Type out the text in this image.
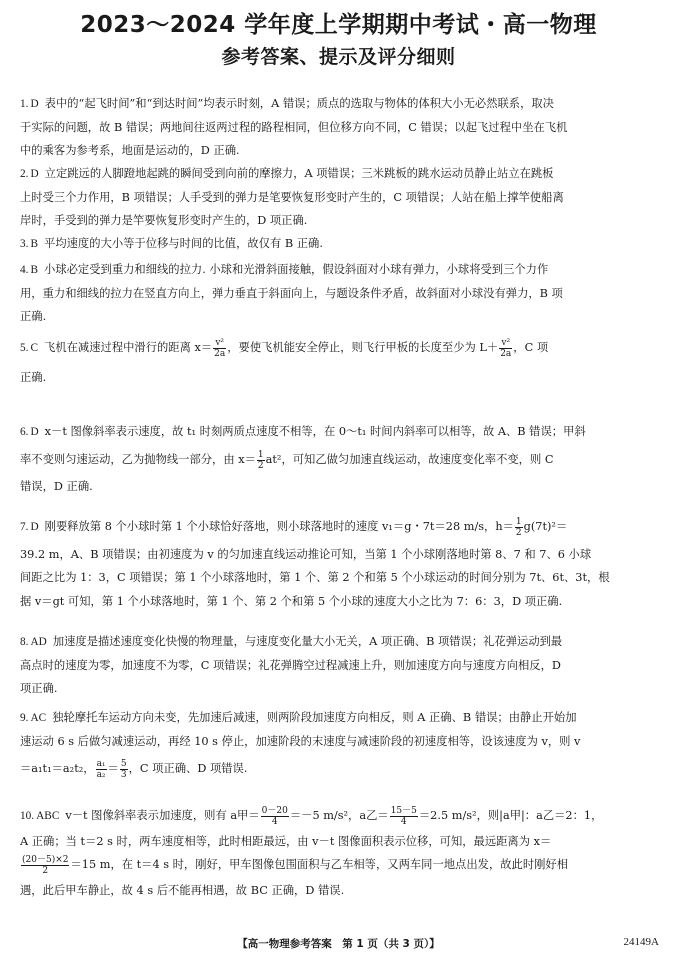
2023～2024 学年度上学期期中考试・高一物理
参考答案、提示及评分细则
1. D 表中的“起飞时间”和“到达时间”均表示时刻，A 错误；质点的选取与物体的体积大小无必然联系，取决
于实际的问题，故 B 错误；两地间往返两过程的路程相同，但位移方向不同，C 错误；以起飞过程中坐在飞机
中的乘客为参考系，地面是运动的，D 正确.
2. D 立定跳远的人脚蹬地起跳的瞬间受到向前的摩擦力，A 项错误；三米跳板的跳水运动员静止站立在跳板
上时受三个力作用，B 项错误；人手受到的弹力是笔要恢复形变时产生的，C 项错误；人站在船上撑竿使船离
岸时，手受到的弹力是竿要恢复形变时产生的，D 项正确.
3. B 平均速度的大小等于位移与时间的比值，故仅有 B 正确.
4. B 小球必定受到重力和细线的拉力. 小球和光滑斜面接触，假设斜面对小球有弹力，小球将受到三个力作
用，重力和细线的拉力在竖直方向上，弹力垂直于斜面向上，与题设条件矛盾，故斜面对小球没有弹力，B 项
正确.
5. C 飞机在减速过程中滑行的距离 $x= \frac{\text{v²}}{2a}$ ，要使飞机能安全停止，则飞行甲板的长度至少为 $L+ \frac{\text{v²}}{2a}$ ，C 项
正确.
6. D x－t 图像斜率表示速度，故 t₁ 时刻两质点速度不相等，在 0～t₁ 时间内斜率可以相等，故 A、B 错误；甲斜
率不变则匀速运动，乙为抛物线一部分，由 $x= \frac{1}{2} at^2$，可知乙做匀加速直线运动，故速度变化率不变，则 C
错误，D 正确.
7. D 刚要释放第 8 个小球时第 1 个小球恰好落地，则小球落地时的速度 v₁＝g・7t＝28 m/s，$h= \frac{1}{2} g(7t)^2=$
39.2 m，A、B 项错误；由初速度为 v 的匀加速直线运动推论可知，当第 1 个小球刚落地时第 8、7 和 7、6 小球
间距之比为 1：3，C 项错误；第 1 个小球落地时，第 1 个、第 2 个和第 5 个小球运动的时间分别为 7t、6t、3t，根
据 v＝gt 可知，第 1 个小球落地时，第 1 个、第 2 个和第 5 个小球的速度大小之比为 7：6：3，D 项正确.
8. AD 加速度是描述速度变化快慢的物理量，与速度变化量大小无关，A 项正确、B 项错误；礼花弹运动到最
高点时的速度为零，加速度不为零，C 项错误；礼花弹腾空过程减速上升，则加速度方向与速度方向相反，D
项正确.
9. AC 独轮摩托车运动方向未变，先加速后减速，则两阶段加速度方向相反，则 A 正确、B 错误；由静止开始加
速运动 6 s 后做匀减速运动，再经 10 s 停止，加速阶段的末速度与减速阶段的初速度相等，设该速度为 v，则 v
＝a₁t₁＝a₂t₂， $\frac{\text{a₁}}{\text{a₂}} = \frac{5}{3}$ ，C 项正确、D 项错误.
10. ABC v－t 图像斜率表示加速度，则有 a甲＝ $\frac{0-20}{4} =-5$ m/s²，a乙＝ $\frac{15-5}{4} =2.5$ m/s²，则|a甲|：a乙＝2：1，
A 正确；当 t＝2 s 时，两车速度相等，此时相距最远，由 v－t 图像面积表示位移，可知，最远距离为 x＝
$\frac{(20-5)\times 2}{2} =15$ m，在 t＝4 s 时，刚好，甲车图像包围面积与乙车相等，又两车同一地点出发，故此时刚好相
遇，此后甲车静止，故 4 s 后不能再相遇，故 BC 正确，D 错误.
【高一物理参考答案　第 1 页（共 3 页）】	24149A
